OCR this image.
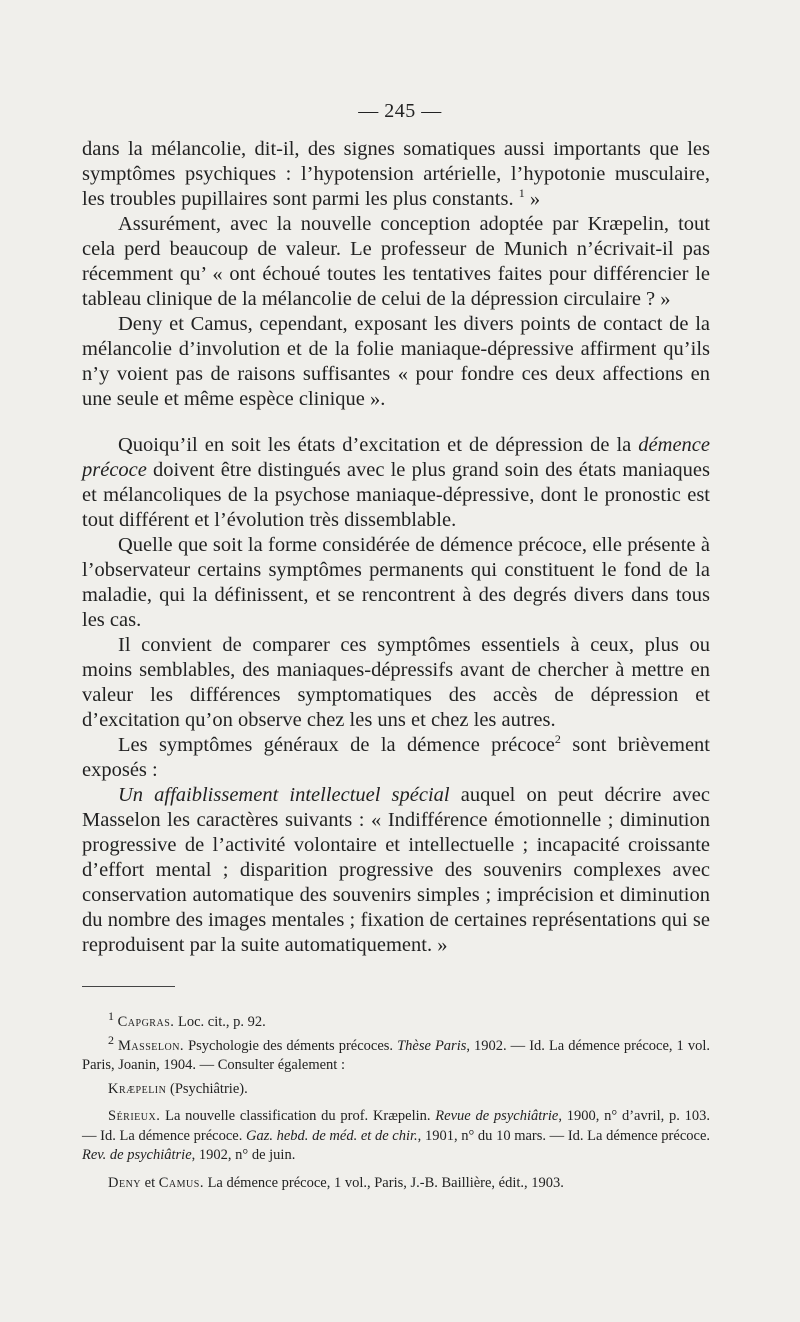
— 245 —

dans la mélancolie, dit-il, des signes somatiques aussi importants que les symptômes psychiques : l’hypotension artérielle, l’hypotonie musculaire, les troubles pupillaires sont parmi les plus constants. $^1$ »

Assurément, avec la nouvelle conception adoptée par Kræpelin, tout cela perd beaucoup de valeur. Le professeur de Munich n’écrivait-il pas récemment qu’ « ont échoué toutes les tentatives faites pour différencier le tableau clinique de la mélancolie de celui de la dépression circulaire ? »

Deny et Camus, cependant, exposant les divers points de contact de la mélancolie d’involution et de la folie maniaque-dépressive affirment qu’ils n’y voient pas de raisons suffisantes « pour fondre ces deux affections en une seule et même espèce clinique ».

Quoiqu’il en soit les états d’excitation et de dépression de la démence précoce doivent être distingués avec le plus grand soin des états maniaques et mélancoliques de la psychose maniaque-dépressive, dont le pronostic est tout différent et l’évolution très dissemblable.

Quelle que soit la forme considérée de démence précoce, elle présente à l’observateur certains symptômes permanents qui constituent le fond de la maladie, qui la définissent, et se rencontrent à des degrés divers dans tous les cas.

Il convient de comparer ces symptômes essentiels à ceux, plus ou moins semblables, des maniaques-dépressifs avant de chercher à mettre en valeur les différences symptomatiques des accès de dépression et d’excitation qu’on observe chez les uns et chez les autres.

Les symptômes généraux de la démence précoce$^2$ sont brièvement exposés :

Un affaiblissement intellectuel spécial auquel on peut décrire avec Masselon les caractères suivants : « Indifférence émotionnelle ; diminution progressive de l’activité volontaire et intellectuelle ; incapacité croissante d’effort mental ; disparition progressive des souvenirs complexes avec conservation automatique des souvenirs simples ; imprécision et diminution du nombre des images mentales ; fixation de certaines représentations qui se reproduisent par la suite automatiquement. »

$^1$ Capgras. Loc. cit., p. 92.

$^2$ Masselon. Psychologie des déments précoces. Thèse Paris, 1902. — Id. La démence précoce, 1 vol. Paris, Joanin, 1904. — Consulter également :

Kræpelin (Psychiâtrie).

Sérieux. La nouvelle classification du prof. Kræpelin. Revue de psychiâtrie, 1900, n° d’avril, p. 103. — Id. La démence précoce. Gaz. hebd. de méd. et de chir., 1901, n° du 10 mars. — Id. La démence précoce. Rev. de psychiâtrie, 1902, n° de juin.

Deny et Camus. La démence précoce, 1 vol., Paris, J.-B. Baillière, édit., 1903.
